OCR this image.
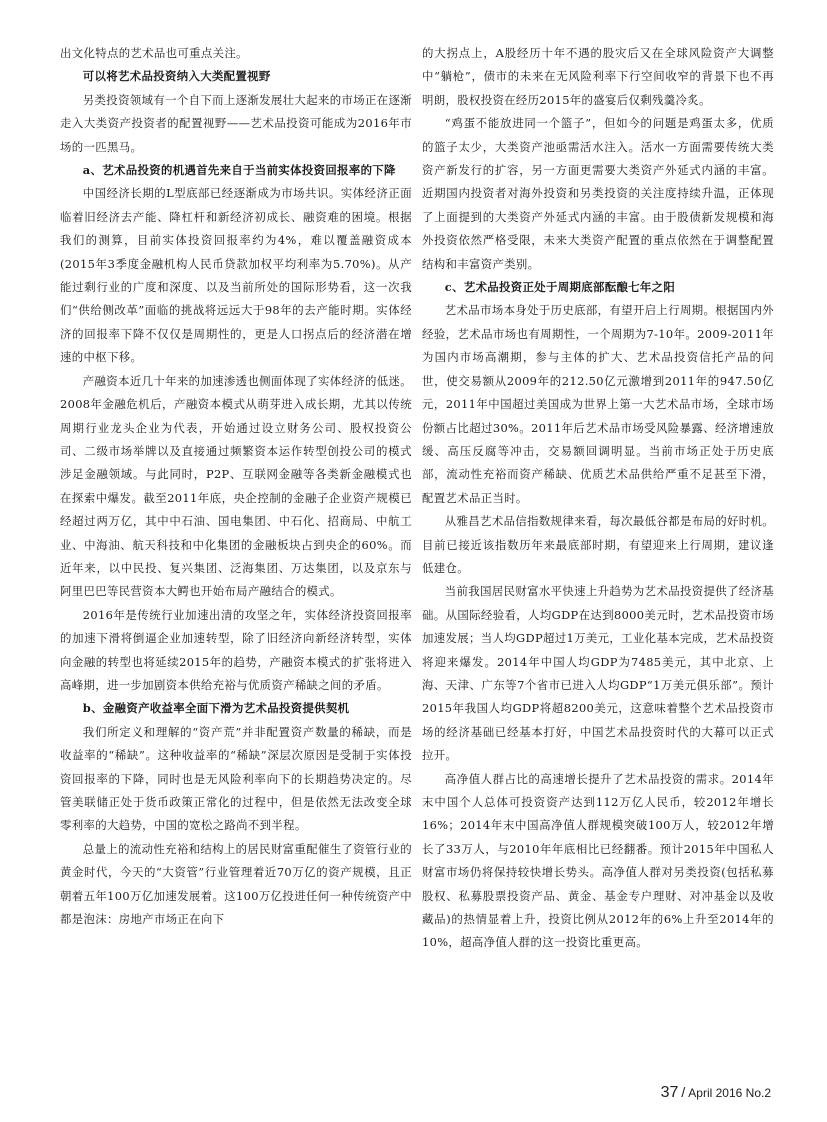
出文化特点的艺术品也可重点关注。

可以将艺术品投资纳入大类配置视野

另类投资领域有一个自下而上逐渐发展壮大起来的市场正在逐渐走入大类资产投资者的配置视野——艺术品投资可能成为2016年市场的一匹黑马。

a、艺术品投资的机遇首先来自于当前实体投资回报率的下降

中国经济长期的L型底部已经逐渐成为市场共识。实体经济正面临着旧经济去产能、降杠杆和新经济初成长、融资难的困境。根据我们的测算，目前实体投资回报率约为4%，难以覆盖融资成本(2015年3季度金融机构人民币贷款加权平均利率为5.70%)。从产能过剩行业的广度和深度、以及当前所处的国际形势看，这一次我们“供给侧改革”面临的挑战将远远大于98年的去产能时期。实体经济的回报率下降不仅仅是周期性的，更是人口拐点后的经济潜在增速的中枢下移。

产融资本近几十年来的加速渗透也侧面体现了实体经济的低迷。2008年金融危机后，产融资本模式从萌芽进入成长期，尤其以传统周期行业龙头企业为代表，开始通过设立财务公司、股权投资公司、二级市场举牌以及直接通过频繁资本运作转型创投公司的模式涉足金融领域。与此同时，P2P、互联网金融等各类新金融模式也在探索中爆发。截至2011年底，央企控制的金融子企业资产规模已经超过两万亿，其中中石油、国电集团、中石化、招商局、中航工业、中海油、航天科技和中化集团的金融板块占到央企的60%。而近年来，以中民投、复兴集团、泛海集团、万达集团，以及京东与阿里巴巴等民营资本大鳄也开始布局产融结合的模式。

2016年是传统行业加速出清的攻坚之年，实体经济投资回报率的加速下滑将倒逼企业加速转型，除了旧经济向新经济转型，实体向金融的转型也将延续2015年的趋势，产融资本模式的扩张将进入高峰期，进一步加剧资本供给充裕与优质资产稀缺之间的矛盾。

b、金融资产收益率全面下滑为艺术品投资提供契机

我们所定义和理解的“资产荒”并非配置资产数量的稀缺，而是收益率的“稀缺”。这种收益率的“稀缺”深层次原因是受制于实体投资回报率的下降，同时也是无风险利率向下的长期趋势决定的。尽管美联储正处于货币政策正常化的过程中，但是依然无法改变全球零利率的大趋势，中国的宽松之路尚不到半程。

总量上的流动性充裕和结构上的居民财富重配催生了资管行业的黄金时代，今天的“大资管”行业管理着近70万亿的资产规模，且正朝着五年100万亿加速发展着。这100万亿投进任何一种传统资产中都是泡沫：房地产市场正在向下

的大拐点上，A股经历十年不遇的股灾后又在全球风险资产大调整中“躺枪”，债市的未来在无风险利率下行空间收窄的背景下也不再明朗，股权投资在经历2015年的盛宴后仅剩残羹冷炙。

“鸡蛋不能放进同一个篮子”，但如今的问题是鸡蛋太多，优质的篮子太少，大类资产池亟需活水注入。活水一方面需要传统大类资产新发行的扩容，另一方面更需要大类资产外延式内涵的丰富。近期国内投资者对海外投资和另类投资的关注度持续升温，正体现了上面提到的大类资产外延式内涵的丰富。由于股债新发规模和海外投资依然严格受限，未来大类资产配置的重点依然在于调整配置结构和丰富资产类别。

c、艺术品投资正处于周期底部酝酿七年之阳

艺术品市场本身处于历史底部，有望开启上行周期。根据国内外经验，艺术品市场也有周期性，一个周期为7-10年。2009-2011年为国内市场高潮期，参与主体的扩大、艺术品投资信托产品的问世，使交易额从2009年的212.50亿元激增到2011年的947.50亿元，2011年中国超过美国成为世界上第一大艺术品市场，全球市场份额占比超过30%。2011年后艺术品市场受风险暴露、经济增速放缓、高压反腐等冲击，交易额回调明显。当前市场正处于历史底部，流动性充裕而资产稀缺、优质艺术品供给严重不足甚至下滑，配置艺术品正当时。

从雅昌艺术品信指数规律来看，每次最低谷都是布局的好时机。目前已接近该指数历年来最底部时期，有望迎来上行周期，建议逢低建仓。

当前我国居民财富水平快速上升趋势为艺术品投资提供了经济基础。从国际经验看，人均GDP在达到8000美元时，艺术品投资市场加速发展；当人均GDP超过1万美元，工业化基本完成，艺术品投资将迎来爆发。2014年中国人均GDP为7485美元，其中北京、上海、天津、广东等7个省市已进入人均GDP“1万美元俱乐部”。预计2015年我国人均GDP将超8200美元，这意味着整个艺术品投资市场的经济基础已经基本打好，中国艺术品投资时代的大幕可以正式拉开。

高净值人群占比的高速增长提升了艺术品投资的需求。2014年末中国个人总体可投资资产达到112万亿人民币，较2012年增长16%；2014年末中国高净值人群规模突破100万人，较2012年增长了33万人，与2010年年底相比已经翻番。预计2015年中国私人财富市场仍将保持较快增长势头。高净值人群对另类投资(包括私募股权、私募股票投资产品、黄金、基金专户理财、对冲基金以及收藏品)的热情显着上升，投资比例从2012年的6%上升至2014年的10%，超高净值人群的这一投资比重更高。

37 / April 2016 No.2
